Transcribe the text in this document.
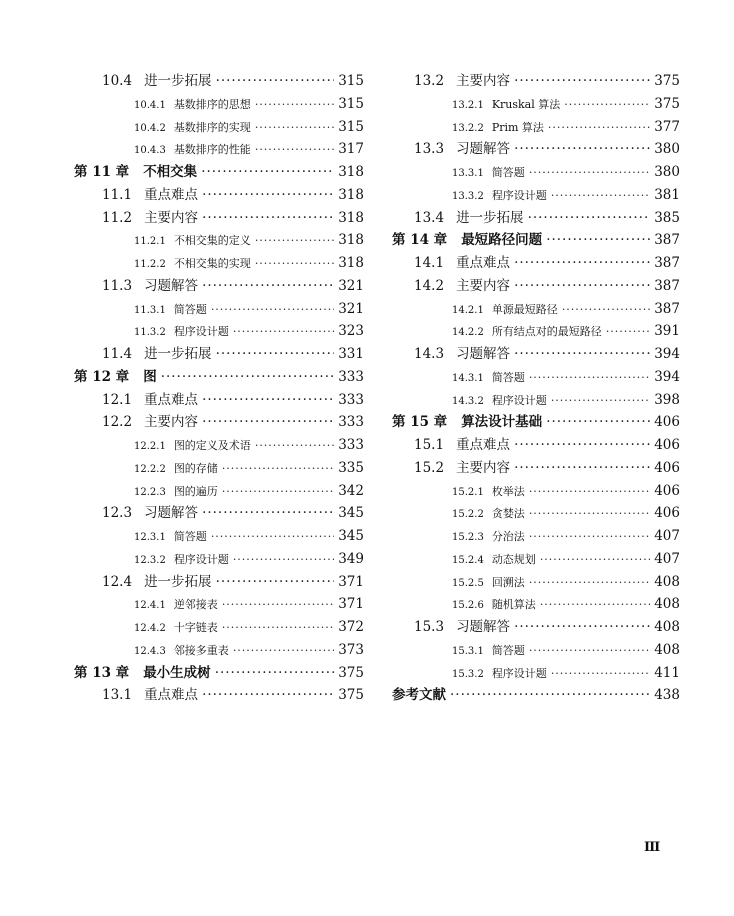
10.4 进一步拓展 ·····	315
10.4.1 基数排序的思想 ·····	315
10.4.2 基数排序的实现 ·····	315
10.4.3 基数排序的性能 ·····	317
第 11 章 不相交集 ·····	318
11.1 重点难点 ·····	318
11.2 主要内容 ·····	318
11.2.1 不相交集的定义 ·····	318
11.2.2 不相交集的实现 ·····	318
11.3 习题解答 ·····	321
11.3.1 简答题 ·····	321
11.3.2 程序设计题 ·····	323
11.4 进一步拓展 ·····	331
第 12 章 图 ·····	333
12.1 重点难点 ·····	333
12.2 主要内容 ·····	333
12.2.1 图的定义及术语 ·····	333
12.2.2 图的存储 ·····	335
12.2.3 图的遍历 ·····	342
12.3 习题解答 ·····	345
12.3.1 简答题 ·····	345
12.3.2 程序设计题 ·····	349
12.4 进一步拓展 ·····	371
12.4.1 逆邻接表 ·····	371
12.4.2 十字链表 ·····	372
12.4.3 邻接多重表 ·····	373
第 13 章 最小生成树 ·····	375
13.1 重点难点 ·····	375
13.2 主要内容 ·····	375
13.2.1 Kruskal 算法 ·····	375
13.2.2 Prim 算法 ·····	377
13.3 习题解答 ·····	380
13.3.1 简答题 ·····	380
13.3.2 程序设计题 ·····	381
13.4 进一步拓展 ·····	385
第 14 章 最短路径问题 ·····	387
14.1 重点难点 ·····	387
14.2 主要内容 ·····	387
14.2.1 单源最短路径 ·····	387
14.2.2 所有结点对的最短路径 ·····	391
14.3 习题解答 ·····	394
14.3.1 简答题 ·····	394
14.3.2 程序设计题 ·····	398
第 15 章 算法设计基础 ·····	406
15.1 重点难点 ·····	406
15.2 主要内容 ·····	406
15.2.1 枚举法 ·····	406
15.2.2 贪婪法 ·····	406
15.2.3 分治法 ·····	407
15.2.4 动态规划 ·····	407
15.2.5 回溯法 ·····	408
15.2.6 随机算法 ·····	408
15.3 习题解答 ·····	408
15.3.1 简答题 ·····	408
15.3.2 程序设计题 ·····	411
参考文献 ·····	438
III
